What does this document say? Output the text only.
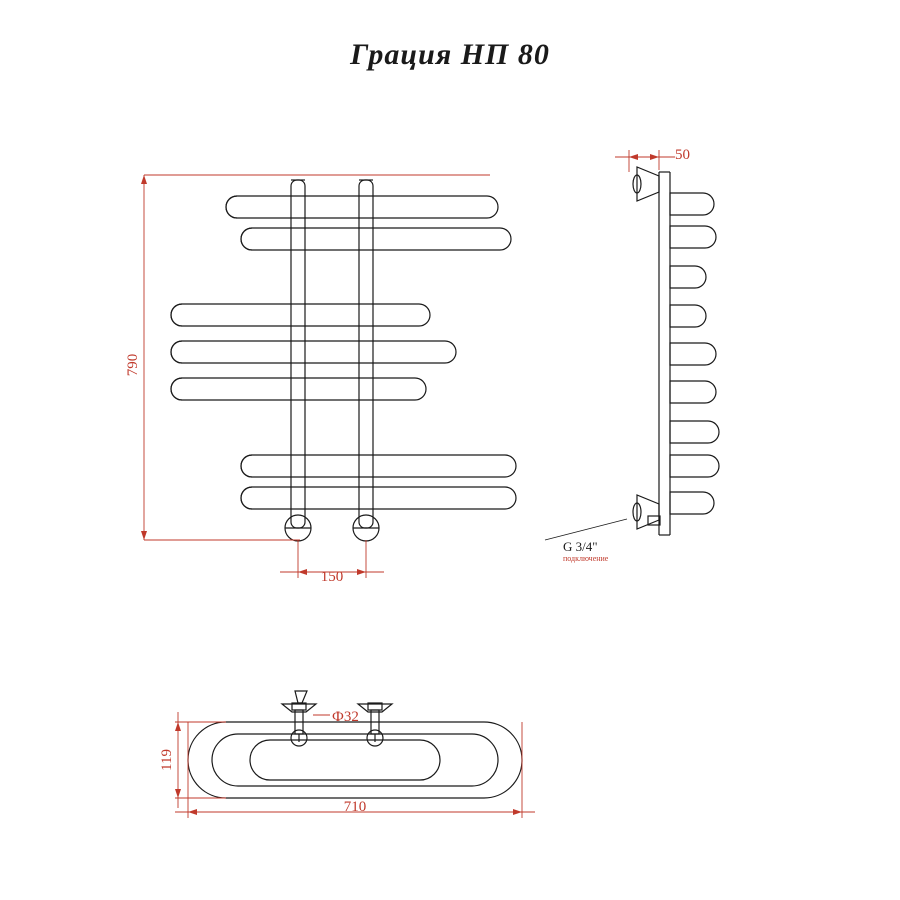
Грация НП 80
790
150
50
G 3/4"
подключение
710
119
Ф32
